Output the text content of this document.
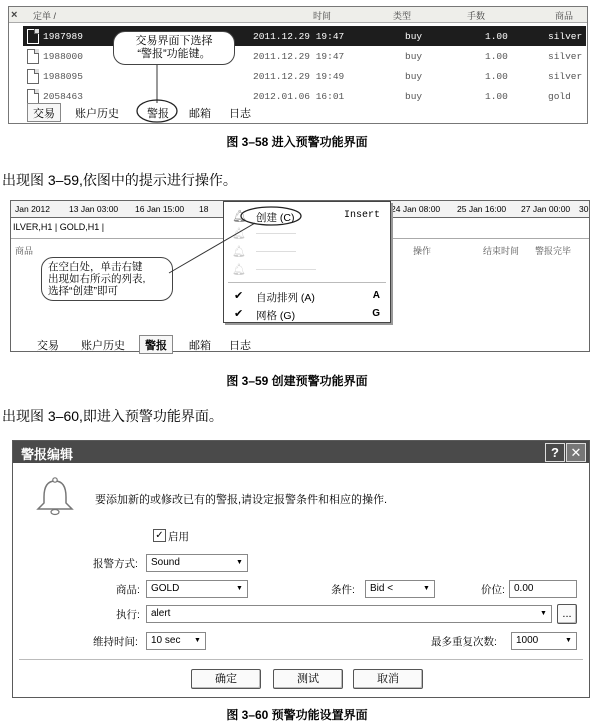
× 定单 /	时间	类型	手数	商品
1987989	2011.12.29 19:47	buy	1.00	silver
1988000	2011.12.29 19:47	buy	1.00	silver
1988095	2011.12.29 19:49	buy	1.00	silver
2058463	2012.01.06 16:01	buy	1.00	gold
交易界面下选择
“警报”功能键。
交易	账户历史	警报	邮箱	日志
图 3–58 进入预警功能界面
出现图 3–59,依图中的提示进行操作。
Jan 2012 13 Jan 03:00 16 Jan 15:00 18	24 Jan 08:00 25 Jan 16:00 27 Jan 00:00 30
ILVER,H1 | GOLD,H1 |
商品	操作	结束时间 警报完毕
🔔︎ 创建 (C)	Insert
🔔︎
🔔︎
🔔︎
✔ 自动排列 (A)	A
✔ 网格 (G)	G
在空白处，单击右键
出现如右所示的列表,
选择“创建”即可
交易	账户历史	警报	邮箱	日志
图 3–59 创建预警功能界面
出现图 3–60,即进入预警功能界面。
警报编辑	? ✕
要添加新的或修改已有的警报,请设定报警条件和相应的操作.
✓ 启用
报警方式: Sound	▼
商品: GOLD	▼	条件: Bid <	▼	价位: 0.00
执行: alert	▼	...
维持时间: 10 sec ▼	最多重复次数: 1000	▼
确定	测试	取消
图 3–60 预警功能设置界面
